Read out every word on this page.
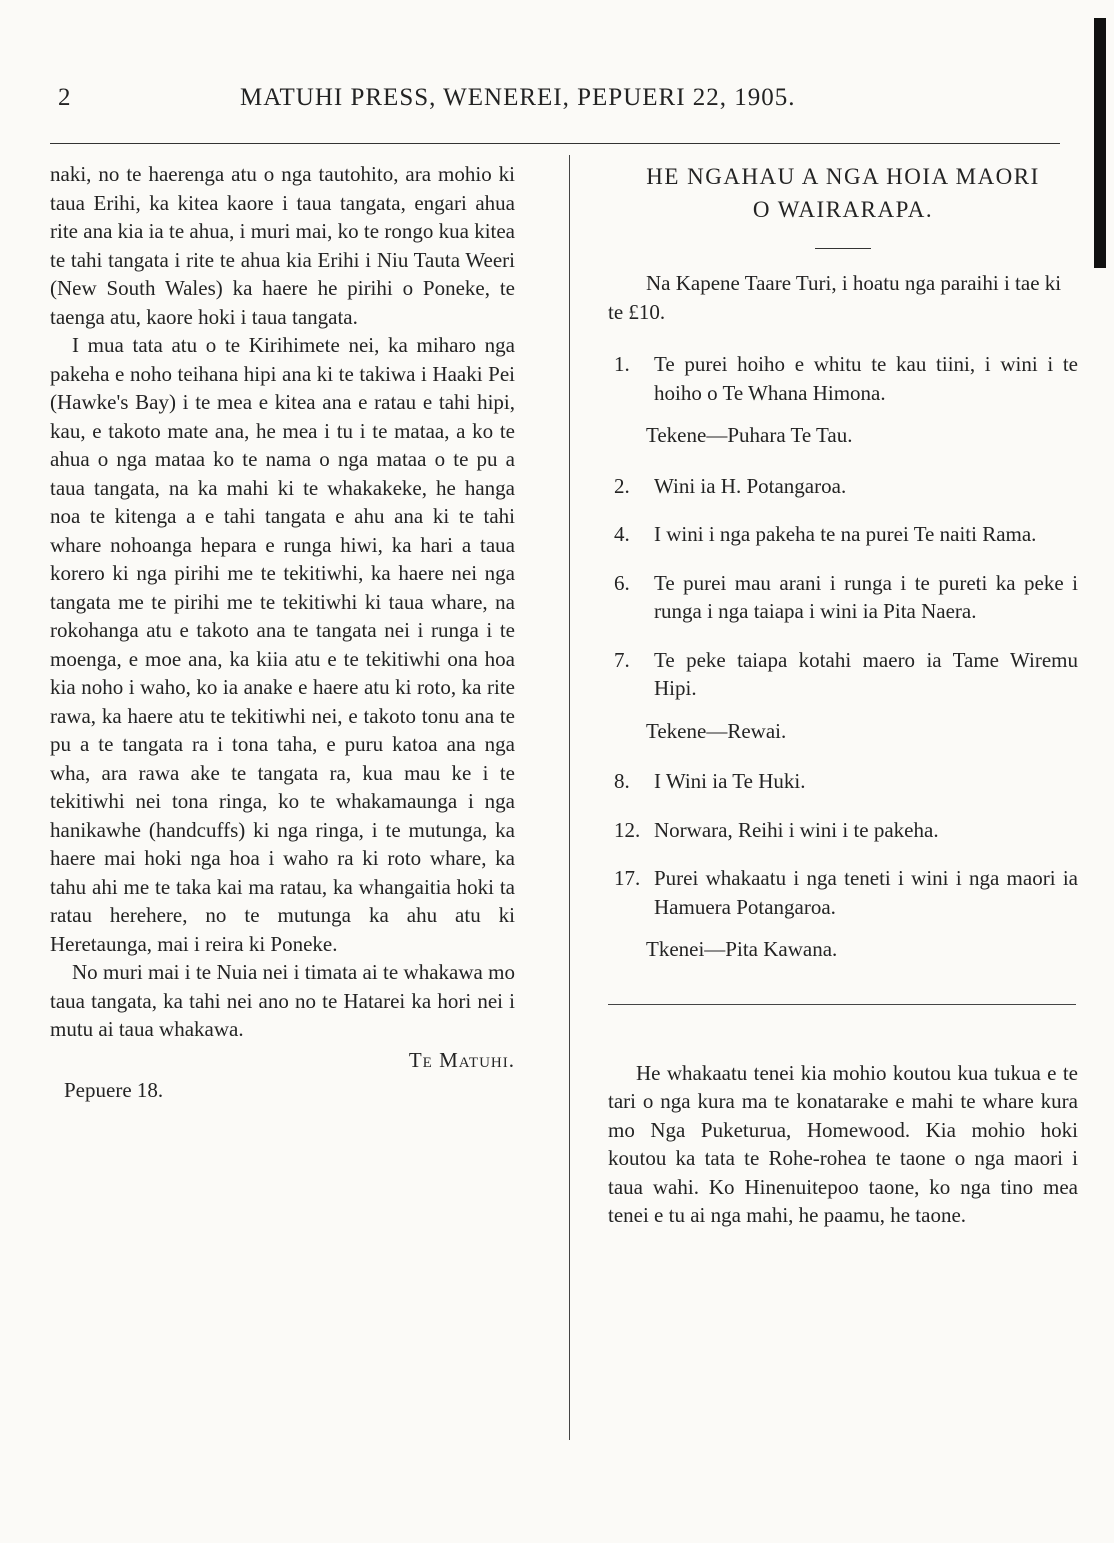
2	MATUHI PRESS, WENEREI, PEPUERI 22, 1905.

naki, no te haerenga atu o nga tautohito, ara mohio ki taua Erihi, ka kitea kaore i taua tangata, engari ahua rite ana kia ia te ahua, i muri mai, ko te rongo kua kitea te tahi tangata i rite te ahua kia Erihi i Niu Tauta Weeri (New South Wales) ka haere he pirihi o Poneke, te taenga atu, kaore hoki i taua tangata.

I mua tata atu o te Kirihimete nei, ka miharo nga pakeha e noho teihana hipi ana ki te takiwa i Haaki Pei (Hawke's Bay) i te mea e kitea ana e ratau e tahi hipi, kau, e takoto mate ana, he mea i tu i te mataa, a ko te ahua o nga mataa ko te nama o nga mataa o te pu a taua tangata, na ka mahi ki te whakakeke, he hanga noa te kitenga a e tahi tangata e ahu ana ki te tahi whare nohoanga hepara e runga hiwi, ka hari a taua korero ki nga pirihi me te tekitiwhi, ka haere nei nga tangata me te pirihi me te tekitiwhi ki taua whare, na rokohanga atu e takoto ana te tangata nei i runga i te moenga, e moe ana, ka kiia atu e te tekitiwhi ona hoa kia noho i waho, ko ia anake e haere atu ki roto, ka rite rawa, ka haere atu te tekitiwhi nei, e takoto tonu ana te pu a te tangata ra i tona taha, e puru katoa ana nga wha, ara rawa ake te tangata ra, kua mau ke i te tekitiwhi nei tona ringa, ko te whakamaunga i nga hanikawhe (handcuffs) ki nga ringa, i te mutunga, ka haere mai hoki nga hoa i waho ra ki roto whare, ka tahu ahi me te taka kai ma ratau, ka whangaitia hoki ta ratau herehere, no te mutunga ka ahu atu ki Heretaunga, mai i reira ki Poneke.

No muri mai i te Nuia nei i timata ai te whakawa mo taua tangata, ka tahi nei ano no te Hatarei ka hori nei i mutu ai taua whakawa.

Te Matuhi.

Pepuere 18.

HE NGAHAU A NGA HOIA MAORI
O WAIRARAPA.

Na Kapene Taare Turi, i hoatu nga paraihi i tae ki te £10.

1.	Te purei hoiho e whitu te kau tiini, i wini i te hoiho o Te Whana Himona.
Tekene—Puhara Te Tau.
2.	Wini ia H. Potangaroa.
4.	I wini i nga pakeha te na purei Te naiti Rama.
6.	Te purei mau arani i runga i te pureti ka peke i runga i nga taiapa i wini ia Pita Naera.
7.	Te peke taiapa kotahi maero ia Tame Wiremu Hipi.
Tekene—Rewai.
8.	I Wini ia Te Huki.
12. Norwara, Reihi i wini i te pakeha.
17. Purei whakaatu i nga teneti i wini i nga maori ia Hamuera Potangaroa.
Tkenei—Pita Kawana.

He whakaatu tenei kia mohio koutou kua tukua e te tari o nga kura ma te konatarake e mahi te whare kura mo Nga Puketurua, Homewood. Kia mohio hoki koutou ka tata te Rohe-rohea te taone o nga maori i taua wahi. Ko Hinenuitepoo taone, ko nga tino mea tenei e tu ai nga mahi, he paamu, he taone.
